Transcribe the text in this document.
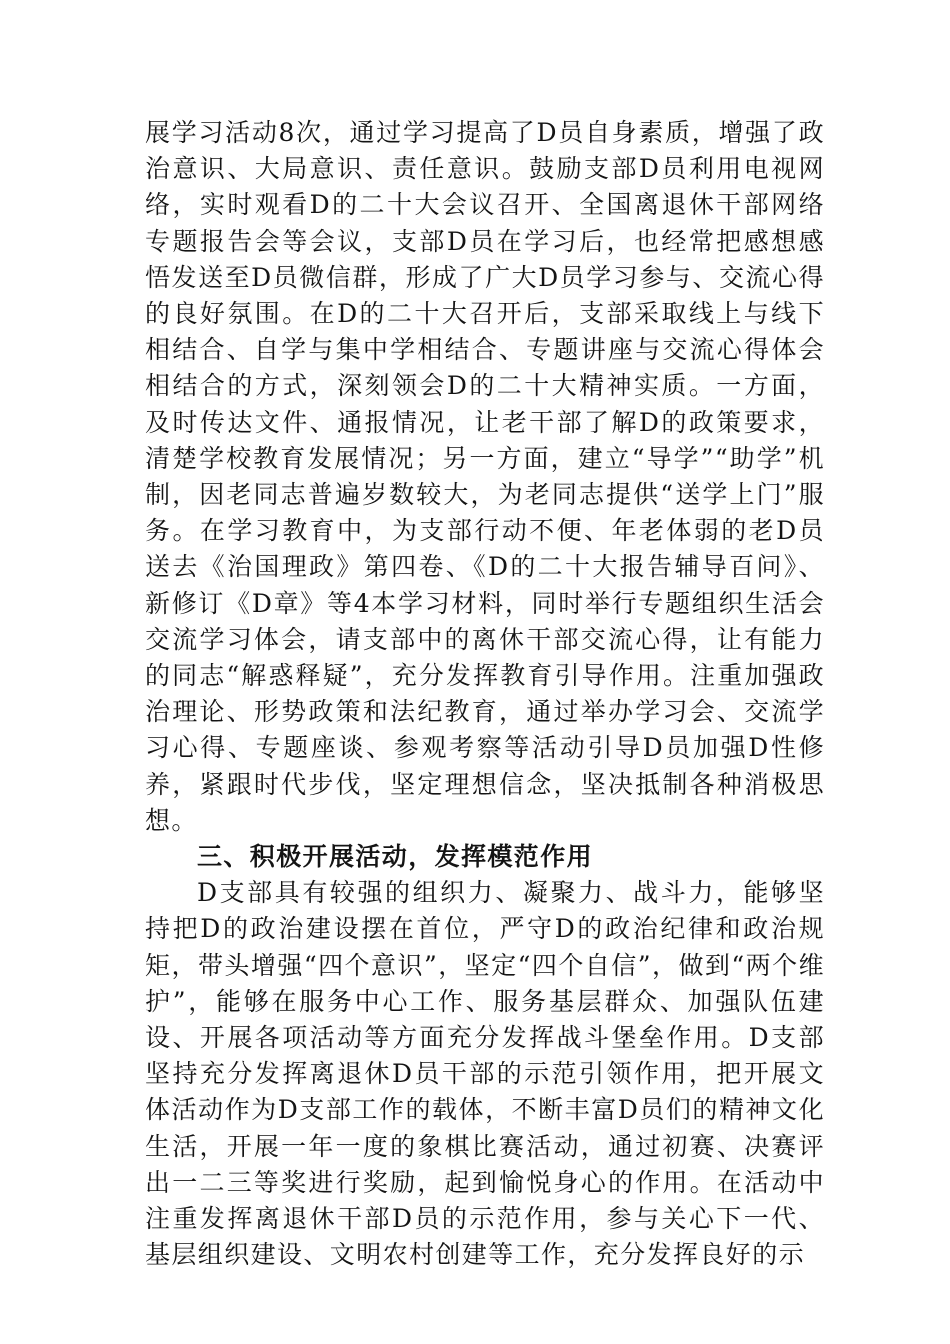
展学习活动8次，通过学习提高了D员自身素质，增强了政治意识、大局意识、责任意识。鼓励支部D员利用电视网络，实时观看D的二十大会议召开、全国离退休干部网络专题报告会等会议，支部D员在学习后，也经常把感想感悟发送至D员微信群，形成了广大D员学习参与、交流心得的良好氛围。在D的二十大召开后，支部采取线上与线下相结合、自学与集中学相结合、专题讲座与交流心得体会相结合的方式，深刻领会D的二十大精神实质。一方面，及时传达文件、通报情况，让老干部了解D的政策要求，清楚学校教育发展情况；另一方面，建立“导学”“助学”机制，因老同志普遍岁数较大，为老同志提供“送学上门”服务。在学习教育中，为支部行动不便、年老体弱的老D员送去《治国理政》第四卷、《D的二十大报告辅导百问》、新修订《D章》等4本学习材料，同时举行专题组织生活会交流学习体会，请支部中的离休干部交流心得，让有能力的同志“解惑释疑”，充分发挥教育引导作用。注重加强政治理论、形势政策和法纪教育，通过举办学习会、交流学习心得、专题座谈、参观考察等活动引导D员加强D性修养，紧跟时代步伐，坚定理想信念，坚决抵制各种消极思想。

三、积极开展活动，发挥模范作用

D支部具有较强的组织力、凝聚力、战斗力，能够坚持把D的政治建设摆在首位，严守D的政治纪律和政治规矩，带头增强“四个意识”，坚定“四个自信”，做到“两个维护”，能够在服务中心工作、服务基层群众、加强队伍建设、开展各项活动等方面充分发挥战斗堡垒作用。D支部坚持充分发挥离退休D员干部的示范引领作用，把开展文体活动作为D支部工作的载体，不断丰富D员们的精神文化生活，开展一年一度的象棋比赛活动，通过初赛、决赛评出一二三等奖进行奖励，起到愉悦身心的作用。在活动中注重发挥离退休干部D员的示范作用，参与关心下一代、基层组织建设、文明农村创建等工作，充分发挥良好的示
